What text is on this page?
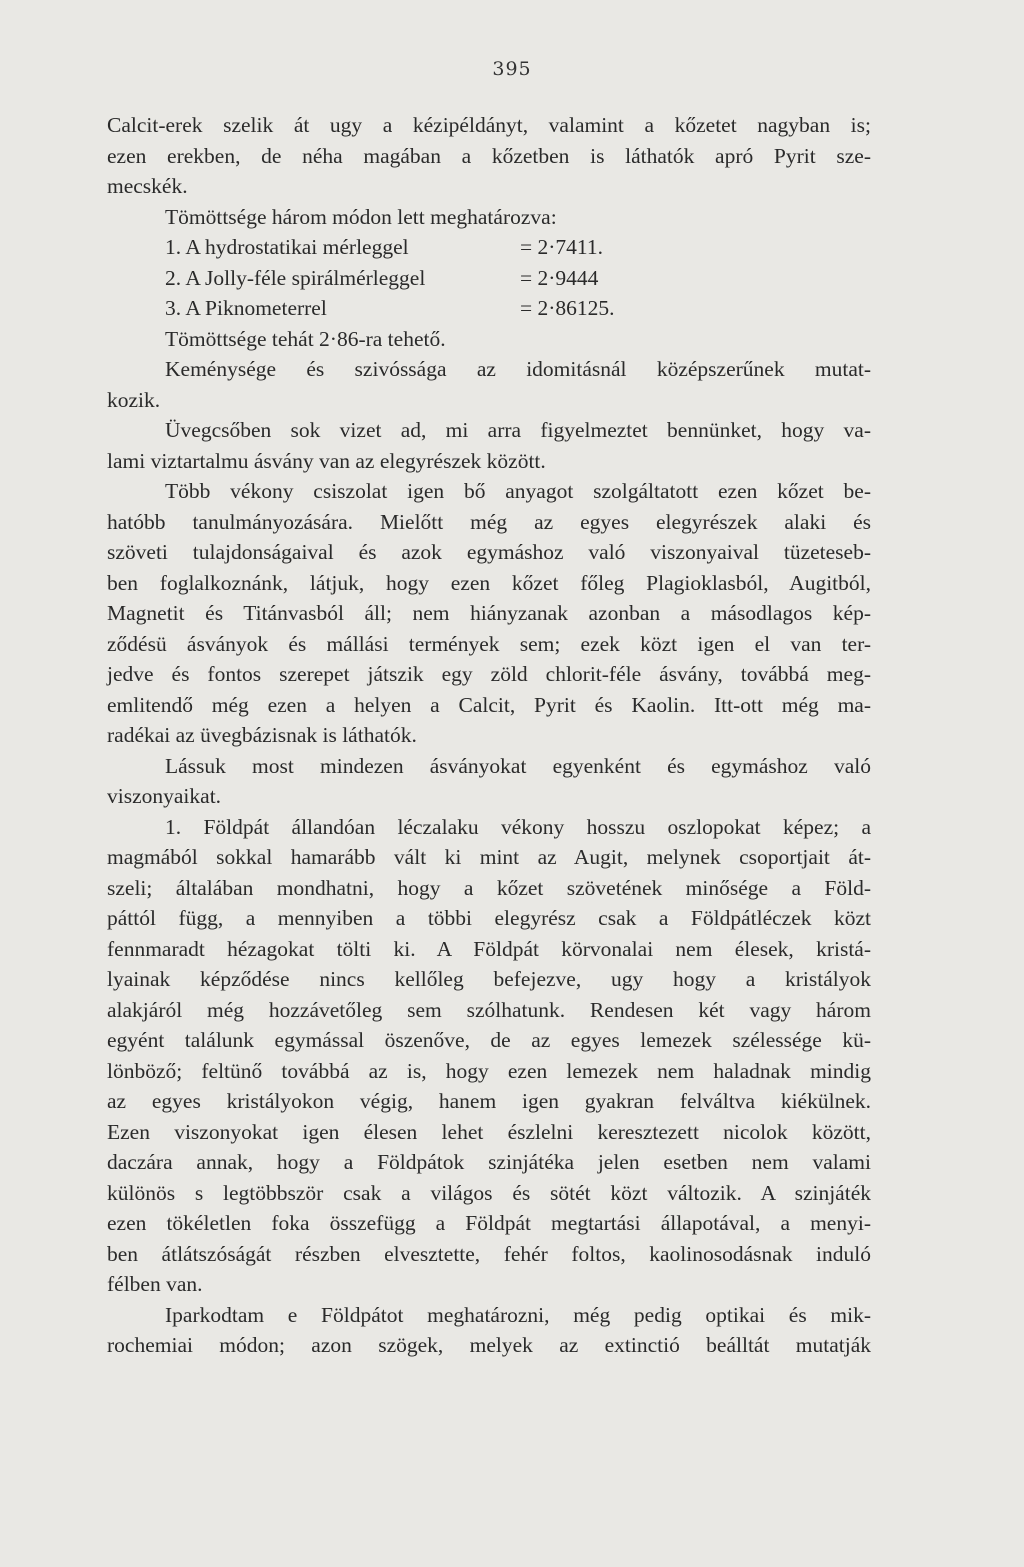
395
Calcit-erek szelik át ugy a kézipéldányt, valamint a kőzetet nagyban is;
ezen erekben, de néha magában a kőzetben is láthatók apró Pyrit sze-
mecskék.
Tömöttsége három módon lett meghatározva:
1. A hydrostatikai mérleggel	= 2·7411.
2. A Jolly-féle spirálmérleggel	= 2·9444
3. A Piknometerrel	= 2·86125.
Tömöttsége tehát 2·86-ra tehető.
Keménysége és szivóssága az idomitásnál középszerűnek mutat-
kozik.
Üvegcsőben sok vizet ad, mi arra figyelmeztet bennünket, hogy va-
lami viztartalmu ásvány van az elegyrészek között.
Több vékony csiszolat igen bő anyagot szolgáltatott ezen kőzet be-
hatóbb tanulmányozására. Mielőtt még az egyes elegyrészek alaki és
szöveti tulajdonságaival és azok egymáshoz való viszonyaival tüzeteseb-
ben foglalkoznánk, látjuk, hogy ezen kőzet főleg Plagioklasból, Augitból,
Magnetit és Titánvasból áll; nem hiányzanak azonban a másodlagos kép-
ződésü ásványok és mállási termények sem; ezek közt igen el van ter-
jedve és fontos szerepet játszik egy zöld chlorit-féle ásvány, továbbá meg-
emlitendő még ezen a helyen a Calcit, Pyrit és Kaolin. Itt-ott még ma-
radékai az üvegbázisnak is láthatók.
Lássuk most mindezen ásványokat egyenként és egymáshoz való
viszonyaikat.
1. Földpát állandóan léczalaku vékony hosszu oszlopokat képez; a
magmából sokkal hamarább vált ki mint az Augit, melynek csoportjait át-
szeli; általában mondhatni, hogy a kőzet szövetének minősége a Föld-
páttól függ, a mennyiben a többi elegyrész csak a Földpátléczek közt
fennmaradt hézagokat tölti ki. A Földpát körvonalai nem élesek, kristá-
lyainak képződése nincs kellőleg befejezve, ugy hogy a kristályok
alakjáról még hozzávetőleg sem szólhatunk. Rendesen két vagy három
egyént találunk egymással öszenőve, de az egyes lemezek szélessége kü-
lönböző; feltünő továbbá az is, hogy ezen lemezek nem haladnak mindig
az egyes kristályokon végig, hanem igen gyakran felváltva kiékülnek.
Ezen viszonyokat igen élesen lehet észlelni keresztezett nicolok között,
daczára annak, hogy a Földpátok szinjátéka jelen esetben nem valami
különös s legtöbbször csak a világos és sötét közt változik. A szinjáték
ezen tökéletlen foka összefügg a Földpát megtartási állapotával, a menyi-
ben átlátszóságát részben elvesztette, fehér foltos, kaolinosodásnak induló
félben van.
Iparkodtam e Földpátot meghatározni, még pedig optikai és mik-
rochemiai módon; azon szögek, melyek az extinctió beálltát mutatják
